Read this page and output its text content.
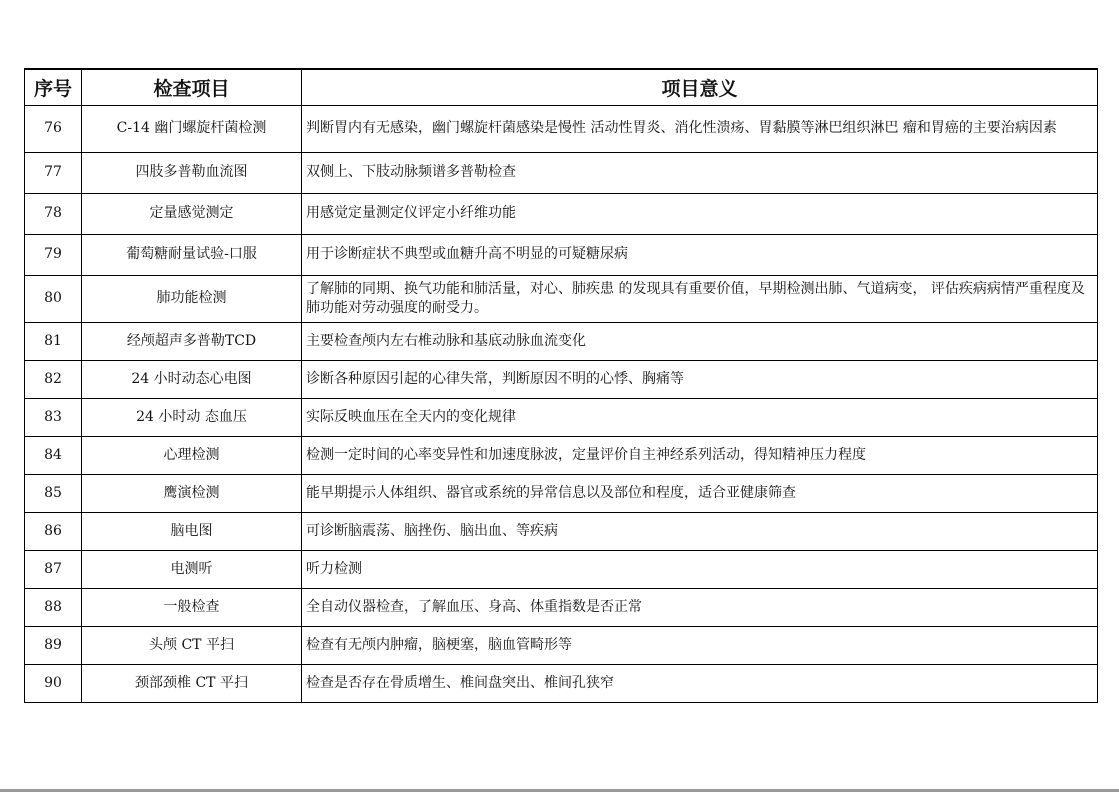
序号	检查项目	项目意义
76	C-14 幽门螺旋杆菌检测	判断胃内有无感染，幽门螺旋杆菌感染是慢性 活动性胃炎、消化性溃疡、胃黏膜等淋巴组织淋巴 瘤和胃癌的主要治病因素
77	四肢多普勒血流图	双侧上、下肢动脉频谱多普勒检查
78	定量感觉测定	用感觉定量测定仪评定小纤维功能
79	葡萄糖耐量试验-口服	用于诊断症状不典型或血糖升高不明显的可疑糖尿病
80	肺功能检测	了解肺的同期、换气功能和肺活量，对心、肺疾患 的发现具有重要价值，早期检测出肺、气道病变， 评估疾病病情严重程度及肺功能对劳动强度的耐受力。
81	经颅超声多普勒TCD	主要检查颅内左右椎动脉和基底动脉血流变化
82	24 小时动态心电图	诊断各种原因引起的心律失常，判断原因不明的心悸、胸痛等
83	24 小时动 态血压	实际反映血压在全天内的变化规律
84	心理检测	检测一定时间的心率变异性和加速度脉波，定量评价自主神经系列活动，得知精神压力程度
85	鹰演检测	能早期提示人体组织、器官或系统的异常信息以及部位和程度，适合亚健康筛查
86	脑电图	可诊断脑震荡、脑挫伤、脑出血、等疾病
87	电测听	听力检测
88	一般检查	全自动仪器检查，了解血压、身高、体重指数是否正常
89	头颅 CT 平扫	检查有无颅内肿瘤，脑梗塞，脑血管畸形等
90	颈部颈椎 CT 平扫	检查是否存在骨质增生、椎间盘突出、椎间孔狭窄
